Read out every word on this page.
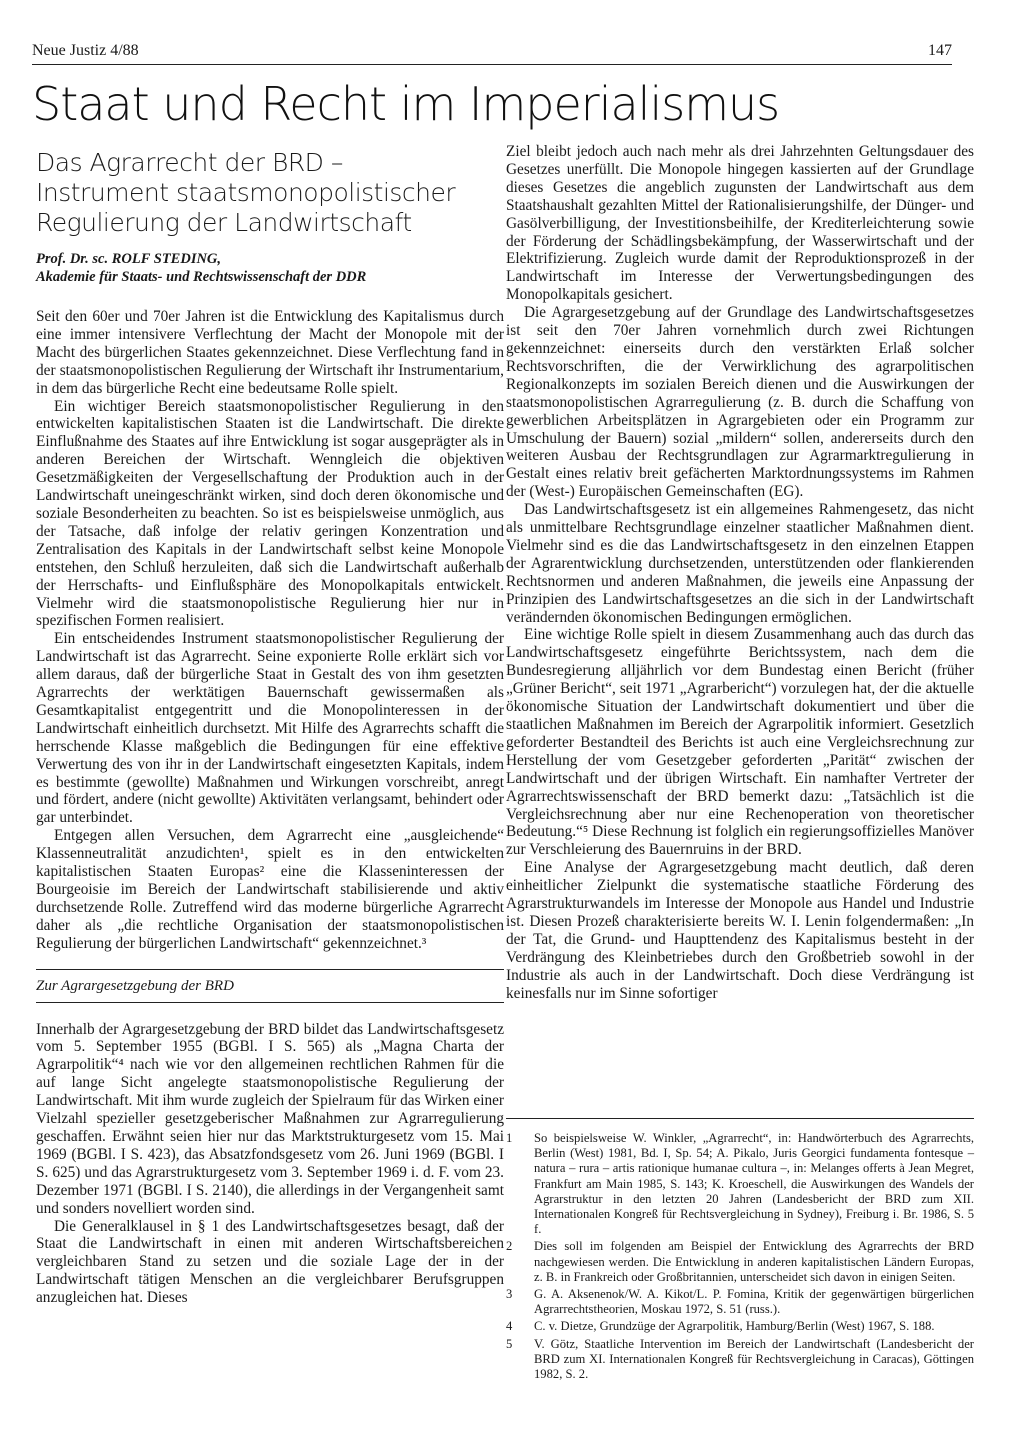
Neue Justiz 4/88	147
Staat und Recht im Imperialismus
Das Agrarrecht der BRD –
Instrument staatsmonopolistischer
Regulierung der Landwirtschaft
Prof. Dr. sc. ROLF STEDING,
Akademie für Staats- und Rechtswissenschaft der DDR

Seit den 60er und 70er Jahren ist die Entwicklung des Kapitalismus durch eine immer intensivere Verflechtung der Macht der Monopole mit der Macht des bürgerlichen Staates gekennzeichnet. Diese Verflechtung fand in der staatsmonopolistischen Regulierung der Wirtschaft ihr Instrumentarium, in dem das bürgerliche Recht eine bedeutsame Rolle spielt.

Ein wichtiger Bereich staatsmonopolistischer Regulierung in den entwickelten kapitalistischen Staaten ist die Landwirtschaft. Die direkte Einflußnahme des Staates auf ihre Entwicklung ist sogar ausgeprägter als in anderen Bereichen der Wirtschaft. Wenngleich die objektiven Gesetzmäßigkeiten der Vergesellschaftung der Produktion auch in der Landwirtschaft uneingeschränkt wirken, sind doch deren ökonomische und soziale Besonderheiten zu beachten. So ist es beispielsweise unmöglich, aus der Tatsache, daß infolge der relativ geringen Konzentration und Zentralisation des Kapitals in der Landwirtschaft selbst keine Monopole entstehen, den Schluß herzuleiten, daß sich die Landwirtschaft außerhalb der Herrschafts- und Einflußsphäre des Monopolkapitals entwickelt. Vielmehr wird die staatsmonopolistische Regulierung hier nur in spezifischen Formen realisiert.

Ein entscheidendes Instrument staatsmonopolistischer Regulierung der Landwirtschaft ist das Agrarrecht. Seine exponierte Rolle erklärt sich vor allem daraus, daß der bürgerliche Staat in Gestalt des von ihm gesetzten Agrarrechts der werktätigen Bauernschaft gewissermaßen als Gesamtkapitalist entgegentritt und die Monopolinteressen in der Landwirtschaft einheitlich durchsetzt. Mit Hilfe des Agrarrechts schafft die herrschende Klasse maßgeblich die Bedingungen für eine effektive Verwertung des von ihr in der Landwirtschaft eingesetzten Kapitals, indem es bestimmte (gewollte) Maßnahmen und Wirkungen vorschreibt, anregt und fördert, andere (nicht gewollte) Aktivitäten verlangsamt, behindert oder gar unterbindet.

Entgegen allen Versuchen, dem Agrarrecht eine „ausgleichende“ Klassenneutralität anzudichten¹, spielt es in den entwickelten kapitalistischen Staaten Europas² eine die Klasseninteressen der Bourgeoisie im Bereich der Landwirtschaft stabilisierende und aktiv durchsetzende Rolle. Zutreffend wird das moderne bürgerliche Agrarrecht daher als „die rechtliche Organisation der staatsmonopolistischen Regulierung der bürgerlichen Landwirtschaft“ gekennzeichnet.³

Zur Agrargesetzgebung der BRD

Innerhalb der Agrargesetzgebung der BRD bildet das Landwirtschaftsgesetz vom 5. September 1955 (BGBl. I S. 565) als „Magna Charta der Agrarpolitik“⁴ nach wie vor den allgemeinen rechtlichen Rahmen für die auf lange Sicht angelegte staatsmonopolistische Regulierung der Landwirtschaft. Mit ihm wurde zugleich der Spielraum für das Wirken einer Vielzahl spezieller gesetzgeberischer Maßnahmen zur Agrarregulierung geschaffen. Erwähnt seien hier nur das Marktstrukturgesetz vom 15. Mai 1969 (BGBl. I S. 423), das Absatzfondsgesetz vom 26. Juni 1969 (BGBl. I S. 625) und das Agrarstrukturgesetz vom 3. September 1969 i. d. F. vom 23. Dezember 1971 (BGBl. I S. 2140), die allerdings in der Vergangenheit samt und sonders novelliert worden sind.

Die Generalklausel in § 1 des Landwirtschaftsgesetzes besagt, daß der Staat die Landwirtschaft in einen mit anderen Wirtschaftsbereichen vergleichbaren Stand zu setzen und die soziale Lage der in der Landwirtschaft tätigen Menschen an die vergleichbarer Berufsgruppen anzugleichen hat. Dieses

Ziel bleibt jedoch auch nach mehr als drei Jahrzehnten Geltungsdauer des Gesetzes unerfüllt. Die Monopole hingegen kassierten auf der Grundlage dieses Gesetzes die angeblich zugunsten der Landwirtschaft aus dem Staatshaushalt gezahlten Mittel der Rationalisierungshilfe, der Dünger- und Gasölverbilligung, der Investitionsbeihilfe, der Krediterleichterung sowie der Förderung der Schädlingsbekämpfung, der Wasserwirtschaft und der Elektrifizierung. Zugleich wurde damit der Reproduktionsprozeß in der Landwirtschaft im Interesse der Verwertungsbedingungen des Monopolkapitals gesichert.

Die Agrargesetzgebung auf der Grundlage des Landwirtschaftsgesetzes ist seit den 70er Jahren vornehmlich durch zwei Richtungen gekennzeichnet: einerseits durch den verstärkten Erlaß solcher Rechtsvorschriften, die der Verwirklichung des agrarpolitischen Regionalkonzepts im sozialen Bereich dienen und die Auswirkungen der staatsmonopolistischen Agrarregulierung (z. B. durch die Schaffung von gewerblichen Arbeitsplätzen in Agrargebieten oder ein Programm zur Umschulung der Bauern) sozial „mildern“ sollen, andererseits durch den weiteren Ausbau der Rechtsgrundlagen zur Agrarmarktregulierung in Gestalt eines relativ breit gefächerten Marktordnungssystems im Rahmen der (West-) Europäischen Gemeinschaften (EG).

Das Landwirtschaftsgesetz ist ein allgemeines Rahmengesetz, das nicht als unmittelbare Rechtsgrundlage einzelner staatlicher Maßnahmen dient. Vielmehr sind es die das Landwirtschaftsgesetz in den einzelnen Etappen der Agrarentwicklung durchsetzenden, unterstützenden oder flankierenden Rechtsnormen und anderen Maßnahmen, die jeweils eine Anpassung der Prinzipien des Landwirtschaftsgesetzes an die sich in der Landwirtschaft verändernden ökonomischen Bedingungen ermöglichen.

Eine wichtige Rolle spielt in diesem Zusammenhang auch das durch das Landwirtschaftsgesetz eingeführte Berichtssystem, nach dem die Bundesregierung alljährlich vor dem Bundestag einen Bericht (früher „Grüner Bericht“, seit 1971 „Agrarbericht“) vorzulegen hat, der die aktuelle ökonomische Situation der Landwirtschaft dokumentiert und über die staatlichen Maßnahmen im Bereich der Agrarpolitik informiert. Gesetzlich geforderter Bestandteil des Berichts ist auch eine Vergleichsrechnung zur Herstellung der vom Gesetzgeber geforderten „Parität“ zwischen der Landwirtschaft und der übrigen Wirtschaft. Ein namhafter Vertreter der Agrarrechtswissenschaft der BRD bemerkt dazu: „Tatsächlich ist die Vergleichsrechnung aber nur eine Rechenoperation von theoretischer Bedeutung.“⁵ Diese Rechnung ist folglich ein regierungsoffizielles Manöver zur Verschleierung des Bauernruins in der BRD.

Eine Analyse der Agrargesetzgebung macht deutlich, daß deren einheitlicher Zielpunkt die systematische staatliche Förderung des Agrarstrukturwandels im Interesse der Monopole aus Handel und Industrie ist. Diesen Prozeß charakterisierte bereits W. I. Lenin folgendermaßen: „In der Tat, die Grund- und Haupttendenz des Kapitalismus besteht in der Verdrängung des Kleinbetriebes durch den Großbetrieb sowohl in der Industrie als auch in der Landwirtschaft. Doch diese Verdrängung ist keinesfalls nur im Sinne sofortiger

1	So beispielsweise W. Winkler, „Agrarrecht“, in: Handwörterbuch des Agrarrechts, Berlin (West) 1981, Bd. I, Sp. 54; A. Pikalo, Juris Georgici fundamenta fontesque – natura – rura – artis rationique humanae cultura –, in: Melanges offerts à Jean Megret, Frankfurt am Main 1985, S. 143; K. Kroeschell, die Auswirkungen des Wandels der Agrarstruktur in den letzten 20 Jahren (Landesbericht der BRD zum XII. Internationalen Kongreß für Rechtsvergleichung in Sydney), Freiburg i. Br. 1986, S. 5 f.
2	Dies soll im folgenden am Beispiel der Entwicklung des Agrarrechts der BRD nachgewiesen werden. Die Entwicklung in anderen kapitalistischen Ländern Europas, z. B. in Frankreich oder Großbritannien, unterscheidet sich davon in einigen Seiten.
3	G. A. Aksenenok/W. A. Kikot/L. P. Fomina, Kritik der gegenwärtigen bürgerlichen Agrarrechtstheorien, Moskau 1972, S. 51 (russ.).
4	C. v. Dietze, Grundzüge der Agrarpolitik, Hamburg/Berlin (West) 1967, S. 188.
5	V. Götz, Staatliche Intervention im Bereich der Landwirtschaft (Landesbericht der BRD zum XI. Internationalen Kongreß für Rechtsvergleichung in Caracas), Göttingen 1982, S. 2.
